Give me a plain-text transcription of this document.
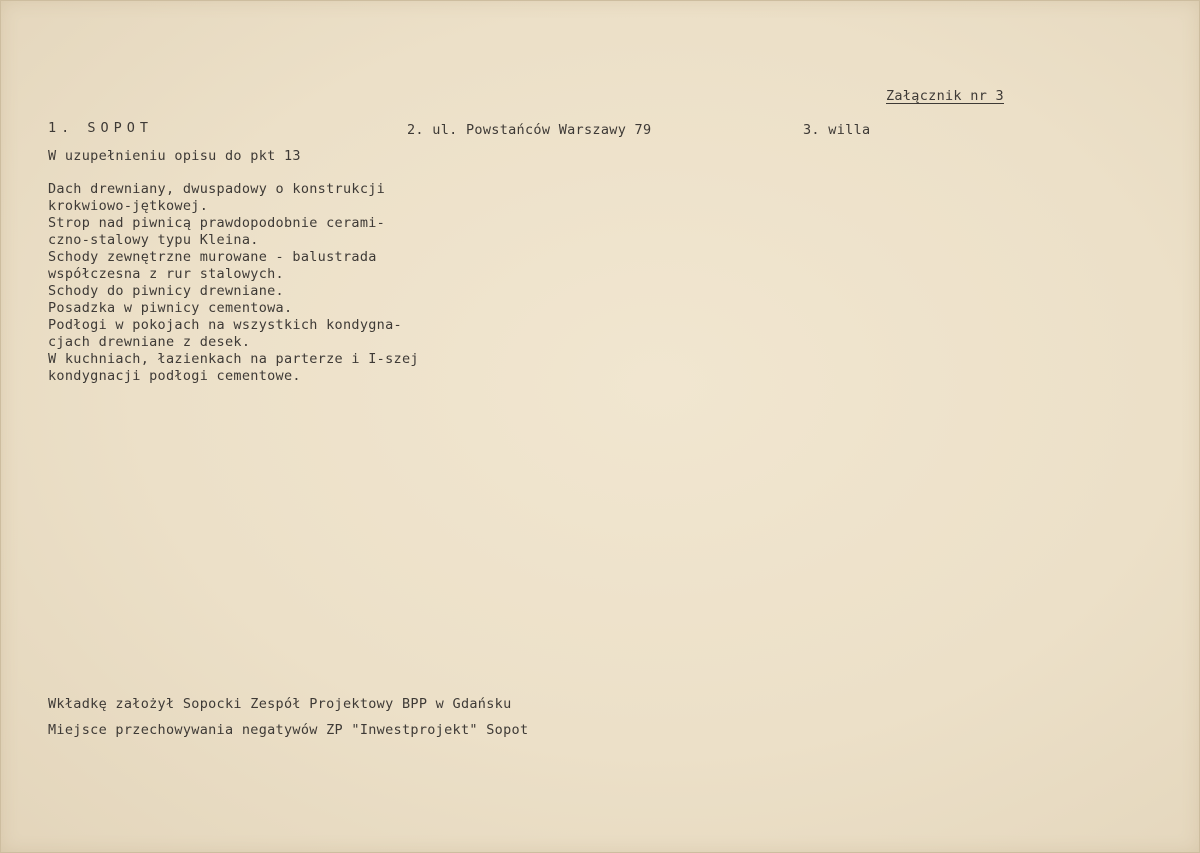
Załącznik nr 3
1. SOPOT	2. ul. Powstańców Warszawy 79	3. willa
W uzupełnieniu opisu do pkt 13
Dach drewniany, dwuspadowy o konstrukcji
krokwiowo-jętkowej.
Strop nad piwnicą prawdopodobnie cerami-
czno-stalowy typu Kleina.
Schody zewnętrzne murowane - balustrada
współczesna z rur stalowych.
Schody do piwnicy drewniane.
Posadzka w piwnicy cementowa.
Podłogi w pokojach na wszystkich kondygna-
cjach drewniane z desek.
W kuchniach, łazienkach na parterze i I-szej
kondygnacji podłogi cementowe.
Wkładkę założył Sopocki Zespół Projektowy BPP w Gdańsku
Miejsce przechowywania negatywów ZP "Inwestprojekt" Sopot
